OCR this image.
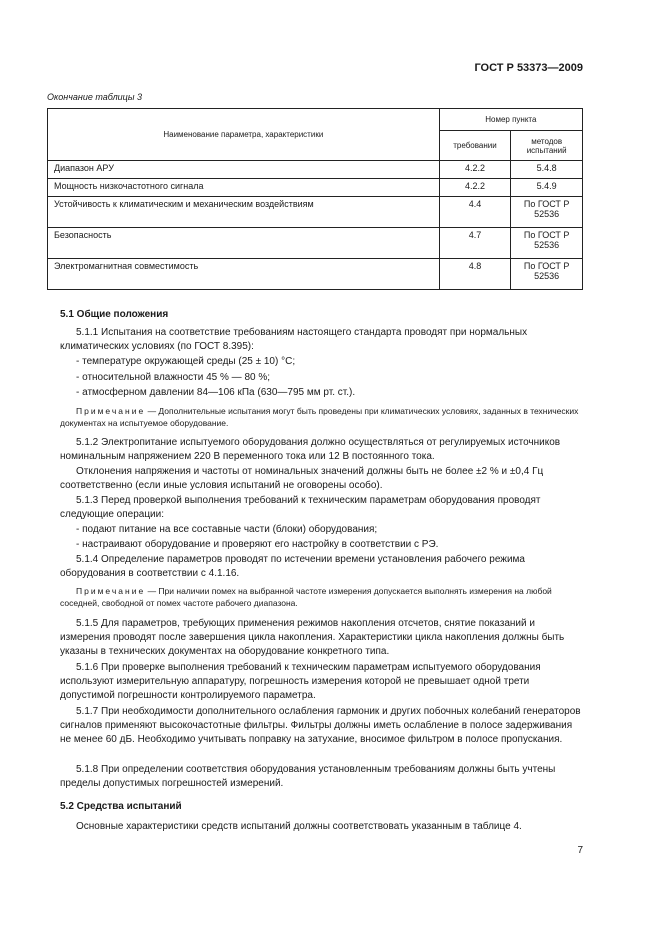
ГОСТ Р 53373—2009
Окончание таблицы 3
Наименование параметра, характеристики	Номер пункта	
	требовании	методов испытаний
Диапазон АРУ	4.2.2	5.4.8
Мощность низкочастотного сигнала	4.2.2	5.4.9
Устойчивость к климатическим и механическим воздействиям	4.4	По ГОСТ Р 52536
Безопасность	4.7	По ГОСТ Р 52536
Электромагнитная совместимость	4.8	По ГОСТ Р 52536
5.1 Общие положения
5.1.1 Испытания на соответствие требованиям настоящего стандарта проводят при нормальных климатических условиях (по ГОСТ 8.395):
- температуре окружающей среды (25 ± 10) °С;
- относительной влажности 45 % — 80 %;
- атмосферном давлении 84—106 кПа (630—795 мм рт. ст.).
Примечание — Дополнительные испытания могут быть проведены при климатических условиях, заданных в технических документах на испытуемое оборудование.
5.1.2 Электропитание испытуемого оборудования должно осуществляться от регулируемых источников номинальным напряжением 220 В переменного тока или 12 В постоянного тока.
Отклонения напряжения и частоты от номинальных значений должны быть не более ±2 % и ±0,4 Гц соответственно (если иные условия испытаний не оговорены особо).
5.1.3 Перед проверкой выполнения требований к техническим параметрам оборудования проводят следующие операции:
- подают питание на все составные части (блоки) оборудования;
- настраивают оборудование и проверяют его настройку в соответствии с РЭ.
5.1.4 Определение параметров проводят по истечении времени установления рабочего режима оборудования в соответствии с 4.1.16.
Примечание — При наличии помех на выбранной частоте измерения допускается выполнять измерения на любой соседней, свободной от помех частоте рабочего диапазона.
5.1.5 Для параметров, требующих применения режимов накопления отсчетов, снятие показаний и измерения проводят после завершения цикла накопления. Характеристики цикла накопления должны быть указаны в технических документах на оборудование конкретного типа.
5.1.6 При проверке выполнения требований к техническим параметрам испытуемого оборудования используют измерительную аппаратуру, погрешность измерения которой не превышает одной трети допустимой погрешности контролируемого параметра.
5.1.7 При необходимости дополнительного ослабления гармоник и других побочных колебаний генераторов сигналов применяют высокочастотные фильтры. Фильтры должны иметь ослабление в полосе задерживания не менее 60 дБ. Необходимо учитывать поправку на затухание, вносимое фильтром в полосе пропускания.
5.1.8 При определении соответствия оборудования установленным требованиям должны быть учтены пределы допустимых погрешностей измерений.
5.2 Средства испытаний
Основные характеристики средств испытаний должны соответствовать указанным в таблице 4.
7
